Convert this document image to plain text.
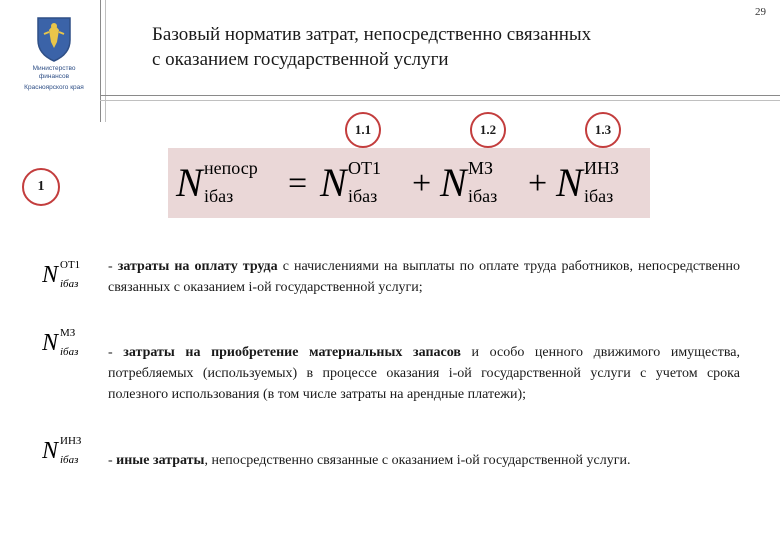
29
Министерство финансов
Красноярского края
Базовый норматив затрат, непосредственно связанных
с оказанием государственной услуги
1.1	1.2	1.3
1	N непоср
iбаз = N ОТ1
iбаз + N МЗ
iбаз + N ИНЗ
iбаз
N ОТ1
iбаз
N МЗ
iбаз
N ИНЗ
iбаз
- затраты на оплату труда с начислениями на выплаты по оплате труда работников, непосредственно связанных с оказанием i-ой государственной услуги;
- затраты на приобретение материальных запасов и особо ценного движимого имущества, потребляемых (используемых) в процессе оказания i-ой государственной услуги с учетом срока полезного использования (в том числе затраты на арендные платежи);
- иные затраты, непосредственно связанные с оказанием i-ой государственной услуги.
